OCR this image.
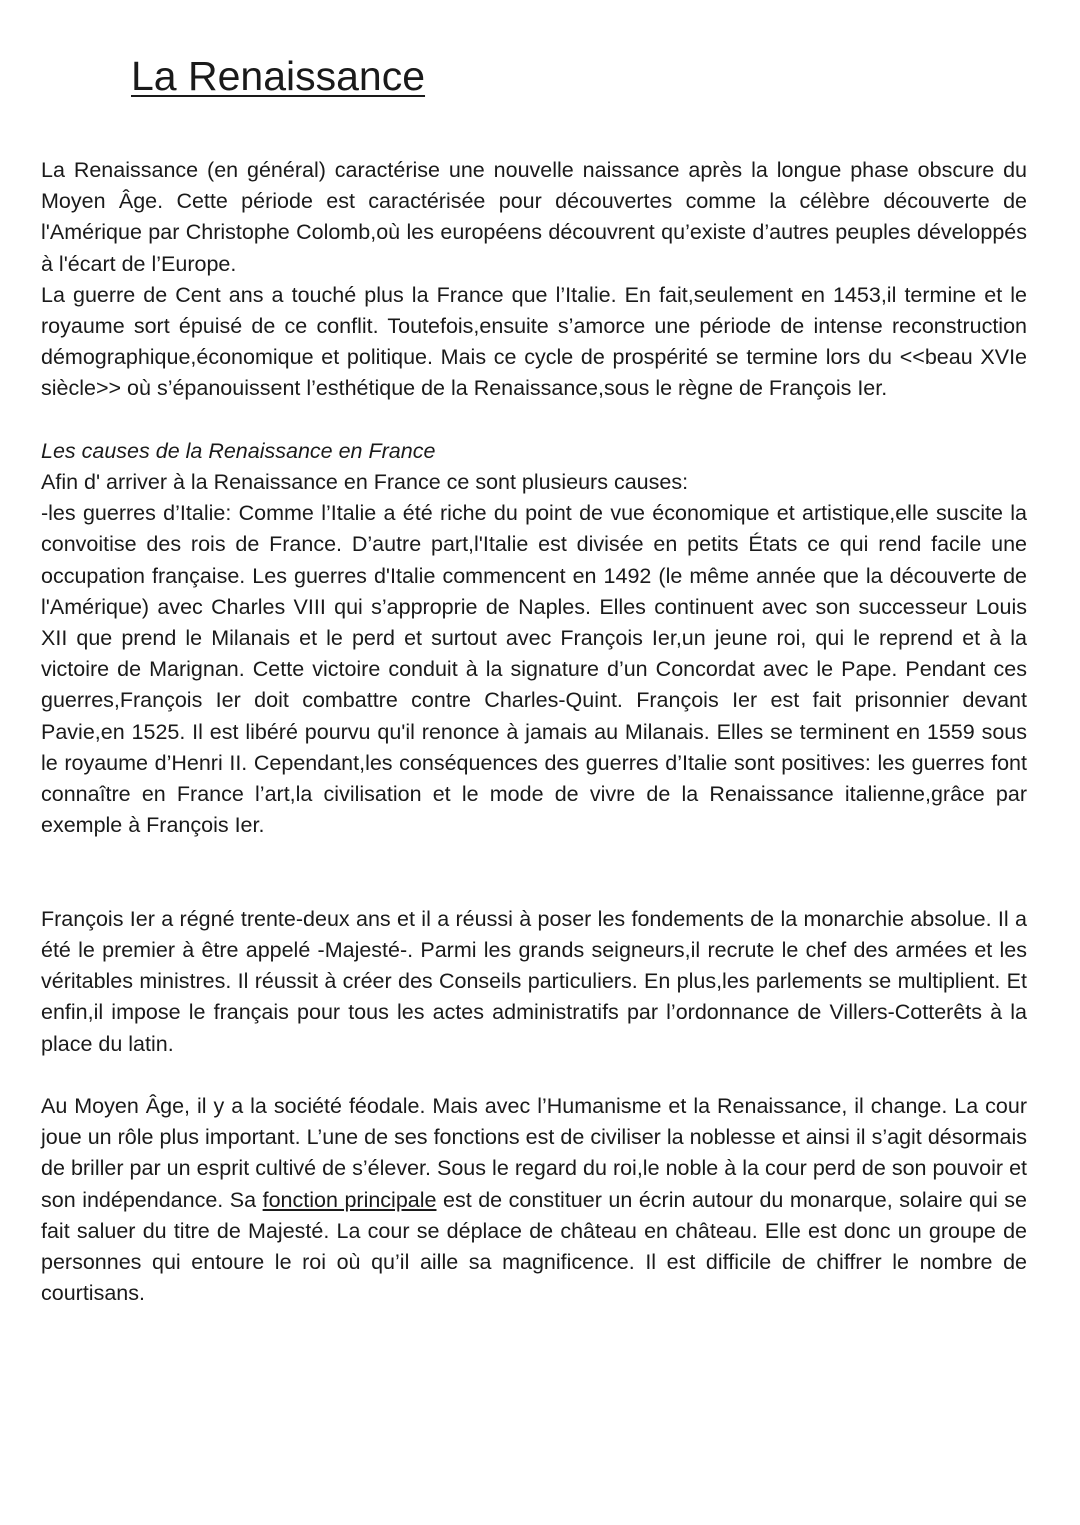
La Renaissance

La Renaissance (en général) caractérise une nouvelle naissance après la longue phase obscure du Moyen Âge. Cette période est caractérisée pour découvertes comme la célèbre découverte de l'Amérique par Christophe Colomb,où les européens découvrent qu’existe d’autres peuples développés à l'écart de l’Europe.

La guerre de Cent ans a touché plus la France que l’Italie. En fait,seulement en 1453,il termine et le royaume sort épuisé de ce conflit. Toutefois,ensuite s’amorce une période de intense reconstruction démographique,économique et politique. Mais ce cycle de prospérité se termine lors du <<beau XVIe siècle>> où s’épanouissent l’esthétique de la Renaissance,sous le règne de François Ier.

Les causes de la Renaissance en France

Afin d' arriver à la Renaissance en France ce sont plusieurs causes:

-les guerres d’Italie: Comme l’Italie a été riche du point de vue économique et artistique,elle suscite la convoitise des rois de France. D’autre part,l'Italie est divisée en petits États ce qui rend facile une occupation française. Les guerres d'Italie commencent en 1492 (le même année que la découverte de l'Amérique) avec Charles VIII qui s’approprie de Naples. Elles continuent avec son successeur Louis XII que prend le Milanais et le perd et surtout avec François Ier,un jeune roi, qui le reprend et à la victoire de Marignan. Cette victoire conduit à la signature d’un Concordat avec le Pape. Pendant ces guerres,François Ier doit combattre contre Charles-Quint. François Ier est fait prisonnier devant Pavie,en 1525. Il est libéré pourvu qu'il renonce à jamais au Milanais. Elles se terminent en 1559 sous le royaume d’Henri II. Cependant,les conséquences des guerres d’Italie sont positives: les guerres font connaître en France l’art,la civilisation et le mode de vivre de la Renaissance italienne,grâce par exemple à François Ier.

François Ier a régné trente-deux ans et il a réussi à poser les fondements de la monarchie absolue. Il a été le premier à être appelé -Majesté-. Parmi les grands seigneurs,il recrute le chef des armées et les véritables ministres. Il réussit à créer des Conseils particuliers. En plus,les parlements se multiplient. Et enfin,il impose le français pour tous les actes administratifs par l’ordonnance de Villers-Cotterêts à la place du latin.

Au Moyen Âge, il y a la société féodale. Mais avec l’Humanisme et la Renaissance, il change. La cour joue un rôle plus important. L’une de ses fonctions est de civiliser la noblesse et ainsi il s’agit désormais de briller par un esprit cultivé de s’élever. Sous le regard du roi,le noble à la cour perd de son pouvoir et son indépendance. Sa fonction principale est de constituer un écrin autour du monarque, solaire qui se fait saluer du titre de Majesté. La cour se déplace de château en château. Elle est donc un groupe de personnes qui entoure le roi où qu’il aille sa magnificence. Il est difficile de chiffrer le nombre de courtisans.
